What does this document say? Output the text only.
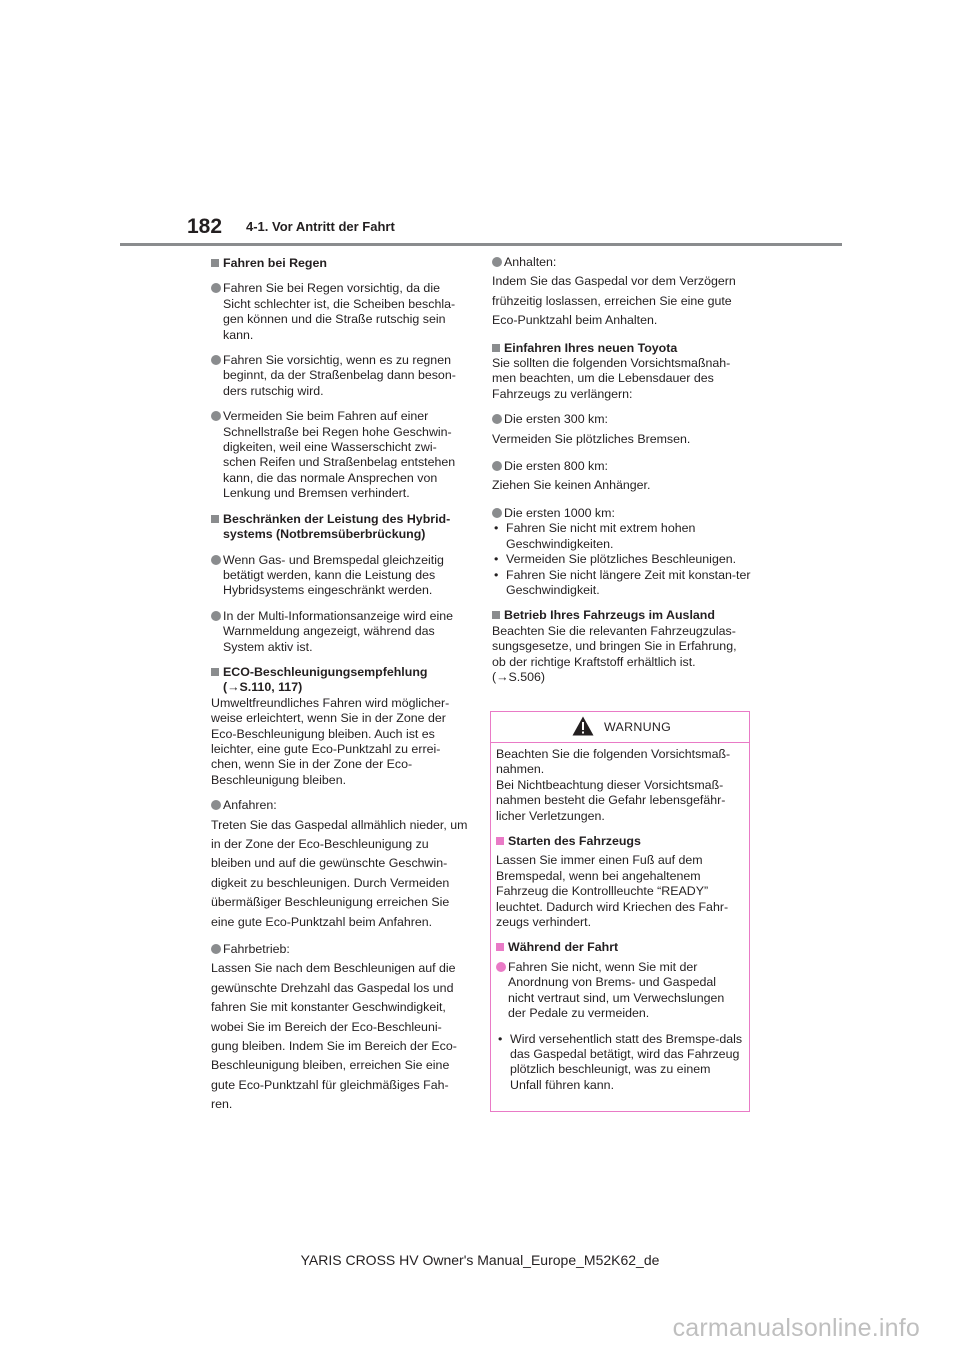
182 4-1. Vor Antritt der Fahrt
Fahren bei Regen
Fahren Sie bei Regen vorsichtig, da die Sicht schlechter ist, die Scheiben beschla-gen können und die Straße rutschig sein kann.
Fahren Sie vorsichtig, wenn es zu regnen beginnt, da der Straßenbelag dann beson-ders rutschig wird.
Vermeiden Sie beim Fahren auf einer Schnellstraße bei Regen hohe Geschwin-digkeiten, weil eine Wasserschicht zwi-schen Reifen und Straßenbelag entstehen kann, die das normale Ansprechen von Lenkung und Bremsen verhindert.
Beschränken der Leistung des Hybrid-systems (Notbremsüberbrückung)
Wenn Gas- und Bremspedal gleichzeitig betätigt werden, kann die Leistung des Hybridsystems eingeschränkt werden.
In der Multi-Informationsanzeige wird eine Warnmeldung angezeigt, während das System aktiv ist.
ECO-Beschleunigungsempfehlung
(→S.110, 117)
Umweltfreundliches Fahren wird möglicher-weise erleichtert, wenn Sie in der Zone der Eco-Beschleunigung bleiben. Auch ist es leichter, eine gute Eco-Punktzahl zu errei-chen, wenn Sie in der Zone der Eco-Beschleunigung bleiben.
Anfahren:
Treten Sie das Gaspedal allmählich nieder, um in der Zone der Eco-Beschleunigung zu bleiben und auf die gewünschte Geschwin-digkeit zu beschleunigen. Durch Vermeiden übermäßiger Beschleunigung erreichen Sie eine gute Eco-Punktzahl beim Anfahren.
Fahrbetrieb:
Lassen Sie nach dem Beschleunigen auf die gewünschte Drehzahl das Gaspedal los und fahren Sie mit konstanter Geschwindigkeit, wobei Sie im Bereich der Eco-Beschleuni-gung bleiben. Indem Sie im Bereich der Eco-Beschleunigung bleiben, erreichen Sie eine gute Eco-Punktzahl für gleichmäßiges Fah-ren.
Anhalten:
Indem Sie das Gaspedal vor dem Verzögern frühzeitig loslassen, erreichen Sie eine gute Eco-Punktzahl beim Anhalten.
Einfahren Ihres neuen Toyota
Sie sollten die folgenden Vorsichtsmaßnah-men beachten, um die Lebensdauer des Fahrzeugs zu verlängern:
Die ersten 300 km:
Vermeiden Sie plötzliches Bremsen.
Die ersten 800 km:
Ziehen Sie keinen Anhänger.
Die ersten 1000 km:
• Fahren Sie nicht mit extrem hohen Geschwindigkeiten.
• Vermeiden Sie plötzliches Beschleunigen.
• Fahren Sie nicht längere Zeit mit konstan-ter Geschwindigkeit.
Betrieb Ihres Fahrzeugs im Ausland
Beachten Sie die relevanten Fahrzeugzulas-sungsgesetze, und bringen Sie in Erfahrung, ob der richtige Kraftstoff erhältlich ist.
(→S.506)
WARNUNG
Beachten Sie die folgenden Vorsichtsmaß-nahmen.
Bei Nichtbeachtung dieser Vorsichtsmaß-nahmen besteht die Gefahr lebensgefähr-licher Verletzungen.
Starten des Fahrzeugs
Lassen Sie immer einen Fuß auf dem Bremspedal, wenn bei angehaltenem Fahrzeug die Kontrollleuchte “READY” leuchtet. Dadurch wird Kriechen des Fahr-zeugs verhindert.
Während der Fahrt
Fahren Sie nicht, wenn Sie mit der Anordnung von Brems- und Gaspedal nicht vertraut sind, um Verwechslungen der Pedale zu vermeiden.
• Wird versehentlich statt des Bremspe-dals das Gaspedal betätigt, wird das Fahrzeug plötzlich beschleunigt, was zu einem Unfall führen kann.
YARIS CROSS HV Owner's Manual_Europe_M52K62_de
carmanualsonline.info
